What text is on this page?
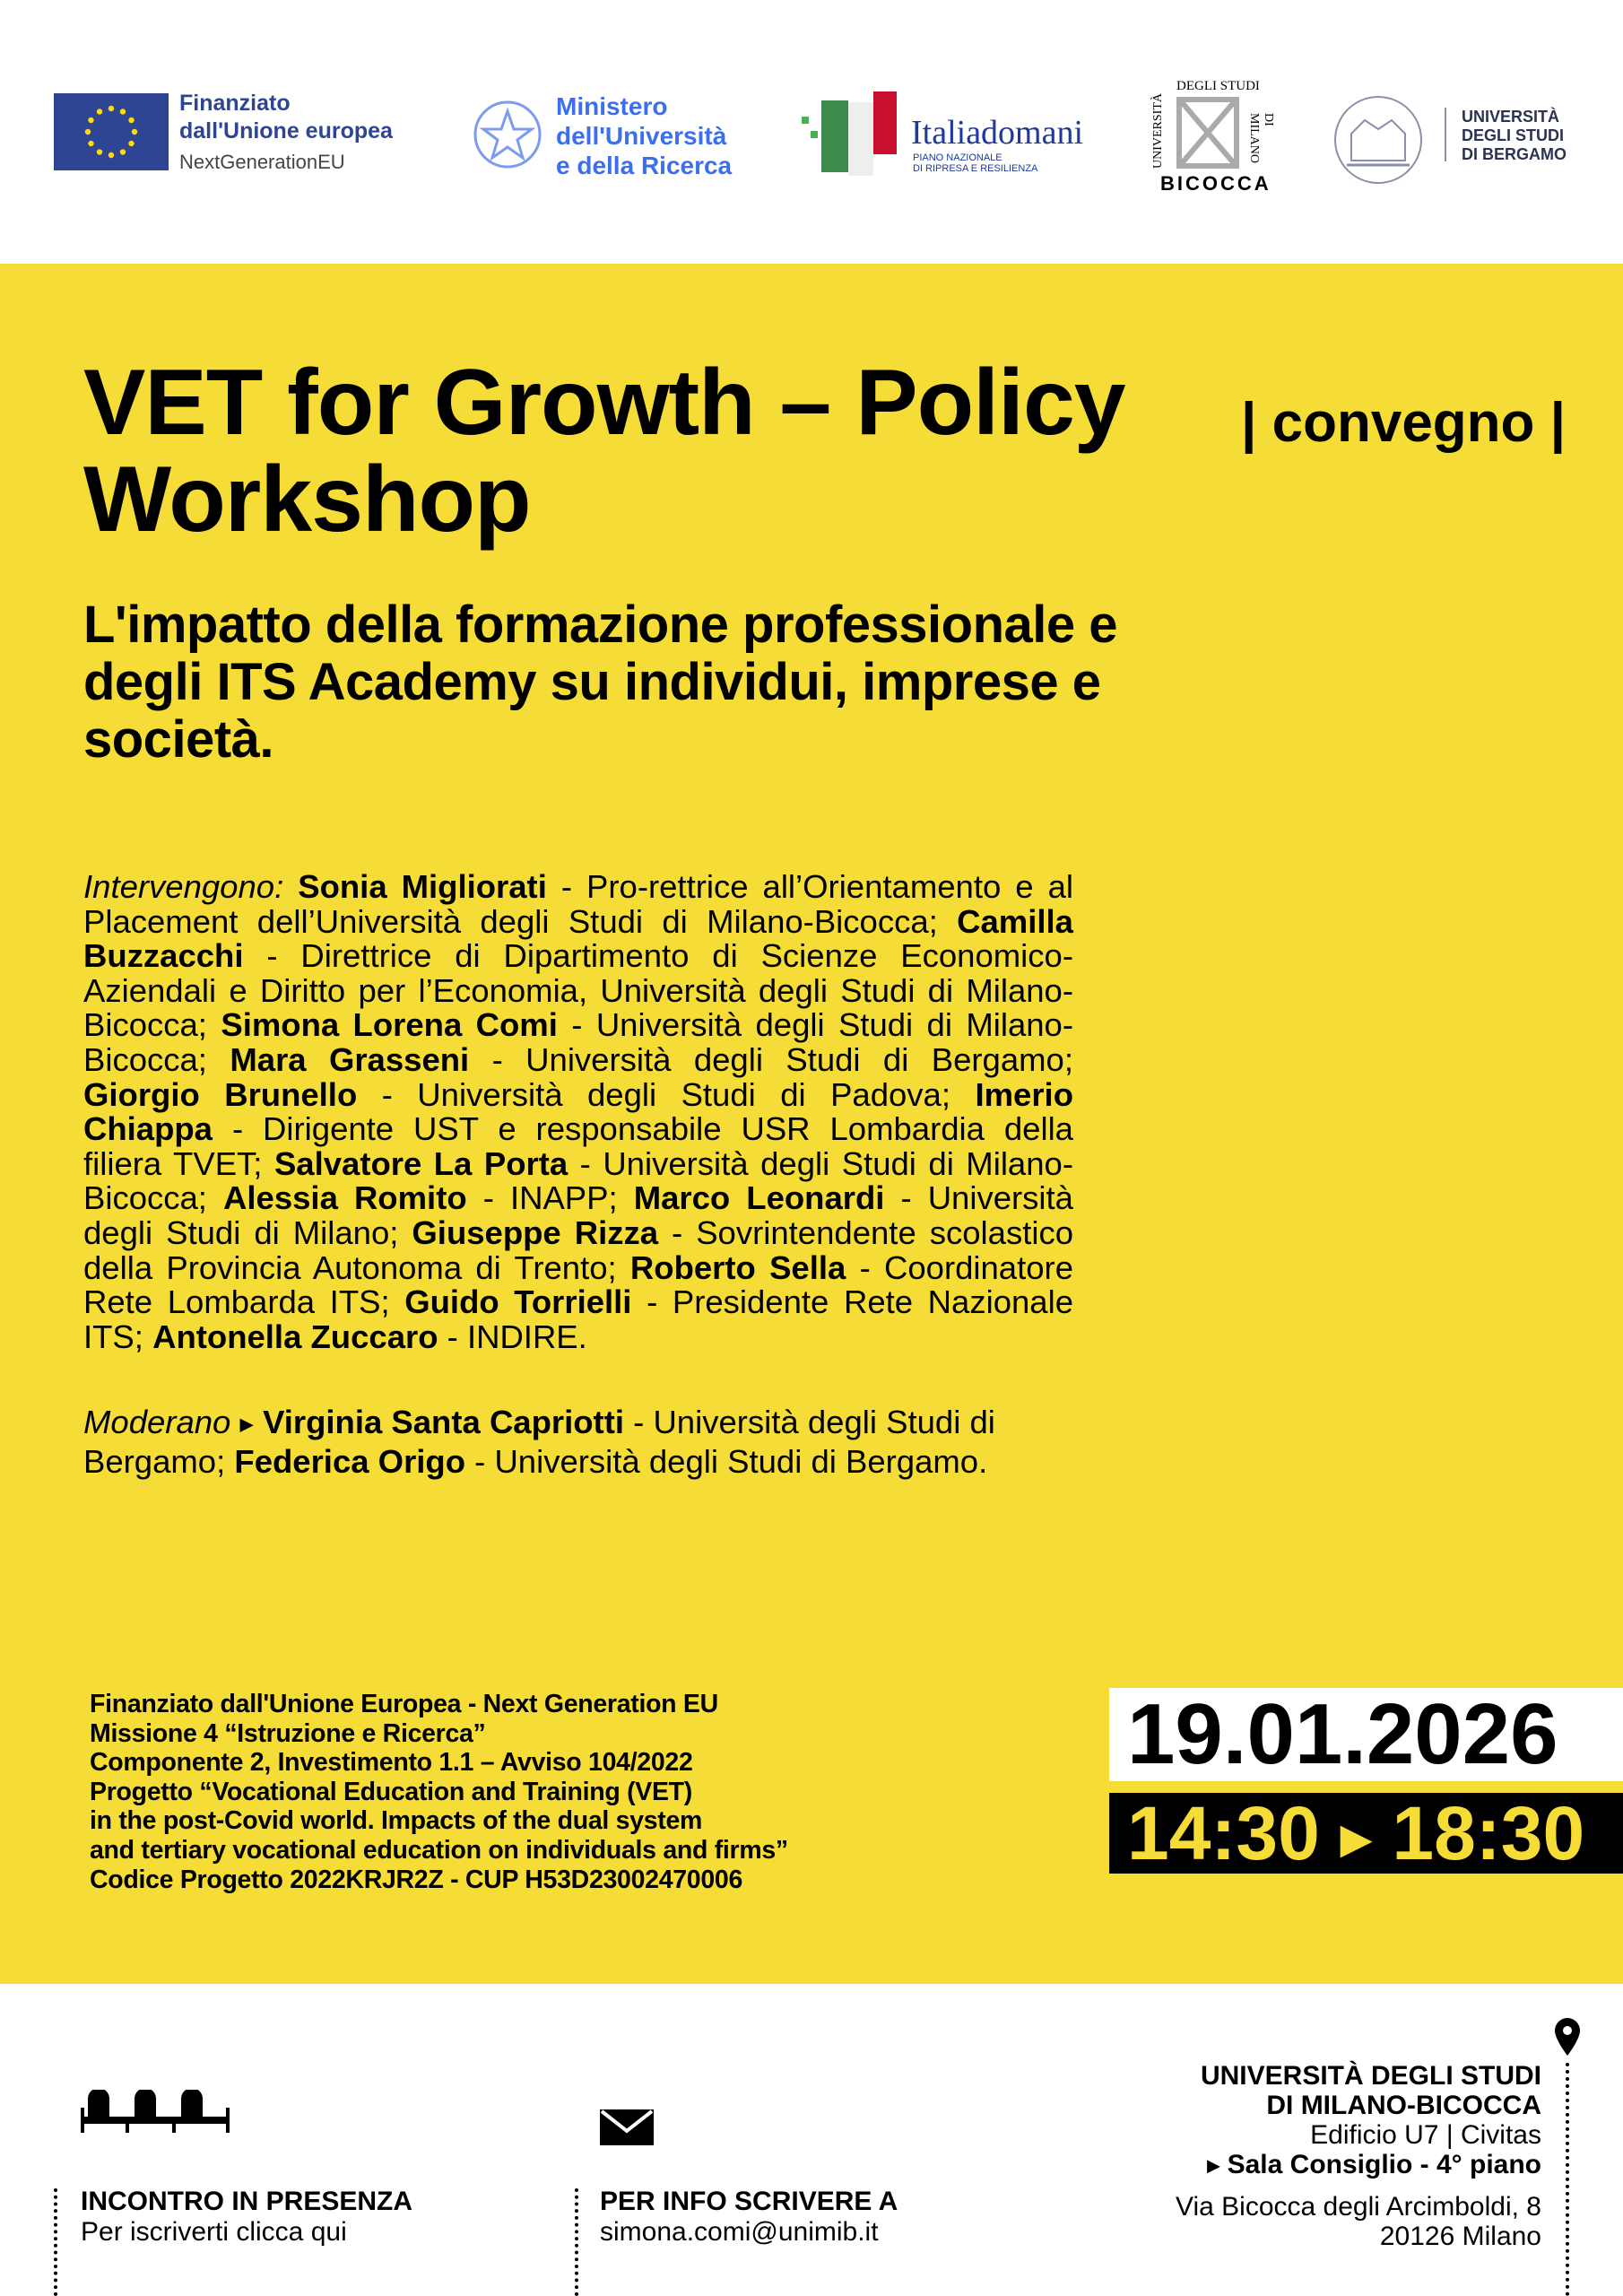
Finanziato
dall'Unione europea
NextGenerationEU
Ministero
dell'Università
e della Ricerca
Italiadomani
PIANO NAZIONALE
DI RIPRESA E RESILIENZA
DEGLI STUDI
UNIVERSITÀ	DI MILANO
BICOCCA
UNIVERSITÀ
DEGLI STUDI
DI BERGAMO
VET for Growth – Policy Workshop
| convegno |
L'impatto della formazione professionale e degli ITS Academy su individui, imprese e società.

Intervengono: Sonia Migliorati - Pro-rettrice all’Orientamento e al Placement dell’Università degli Studi di Milano-Bicocca; Camilla Buzzacchi - Direttrice di Dipartimento di Scienze Economico-Aziendali e Diritto per l’Economia, Università degli Studi di Milano-Bicocca; Simona Lorena Comi - Università degli Studi di Milano-Bicocca; Mara Grasseni - Università degli Studi di Bergamo; Giorgio Brunello - Università degli Studi di Padova; Imerio Chiappa - Dirigente UST e responsabile USR Lombardia della filiera TVET; Salvatore La Porta - Università degli Studi di Milano-Bicocca; Alessia Romito - INAPP; Marco Leonardi - Università degli Studi di Milano; Giuseppe Rizza - Sovrintendente scolastico della Provincia Autonoma di Trento; Roberto Sella - Coordinatore Rete Lombarda ITS; Guido Torrielli - Presidente Rete Nazionale ITS; Antonella Zuccaro - INDIRE.

Moderano ▶ Virginia Santa Capriotti - Università degli Studi di Bergamo; Federica Origo - Università degli Studi di Bergamo.

Finanziato dall'Unione Europea - Next Generation EU
Missione 4 “Istruzione e Ricerca”
Componente 2, Investimento 1.1 – Avviso 104/2022
Progetto “Vocational Education and Training (VET)
in the post-Covid world. Impacts of the dual system
and tertiary vocational education on individuals and firms”
Codice Progetto 2022KRJR2Z - CUP H53D23002470006
19.01.2026
14:30 ▶ 18:30
INCONTRO IN PRESENZA
Per iscriverti clicca qui
PER INFO SCRIVERE A
simona.comi@unimib.it
UNIVERSITÀ DEGLI STUDI
DI MILANO-BICOCCA
Edificio U7 | Civitas
▶ Sala Consiglio - 4° piano
Via Bicocca degli Arcimboldi, 8
20126 Milano
